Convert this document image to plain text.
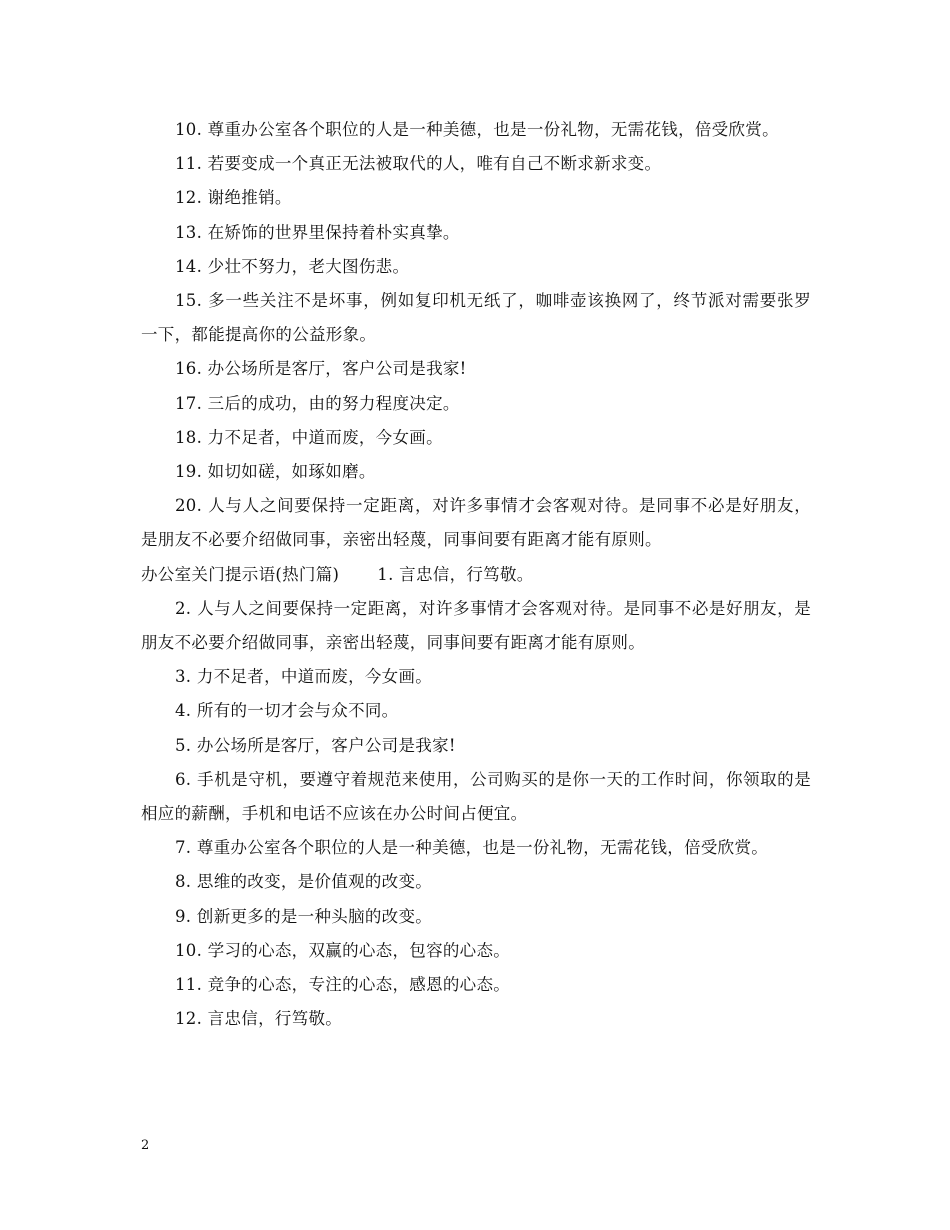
10. 尊重办公室各个职位的人是一种美德，也是一份礼物，无需花钱，倍受欣赏。

11. 若要变成一个真正无法被取代的人，唯有自己不断求新求变。

12. 谢绝推销。

13. 在矫饰的世界里保持着朴实真挚。

14. 少壮不努力，老大图伤悲。

15. 多一些关注不是坏事，例如复印机无纸了，咖啡壶该换网了，终节派对需要张罗一下，都能提高你的公益形象。

16. 办公场所是客厅，客户公司是我家!

17. 三后的成功，由的努力程度决定。

18. 力不足者，中道而废，今女画。

19. 如切如磋，如琢如磨。

20. 人与人之间要保持一定距离，对许多事情才会客观对待。是同事不必是好朋友，是朋友不必要介绍做同事，亲密出轻蔑，同事间要有距离才能有原则。

办公室关门提示语(热门篇) 1. 言忠信，行笃敬。

2. 人与人之间要保持一定距离，对许多事情才会客观对待。是同事不必是好朋友，是朋友不必要介绍做同事，亲密出轻蔑，同事间要有距离才能有原则。

3. 力不足者，中道而废，今女画。

4. 所有的一切才会与众不同。

5. 办公场所是客厅，客户公司是我家!

6. 手机是守机，要遵守着规范来使用，公司购买的是你一天的工作时间，你领取的是相应的薪酬，手机和电话不应该在办公时间占便宜。

7. 尊重办公室各个职位的人是一种美德，也是一份礼物，无需花钱，倍受欣赏。

8. 思维的改变，是价值观的改变。

9. 创新更多的是一种头脑的改变。

10. 学习的心态，双赢的心态，包容的心态。

11. 竞争的心态，专注的心态，感恩的心态。

12. 言忠信，行笃敬。

2
